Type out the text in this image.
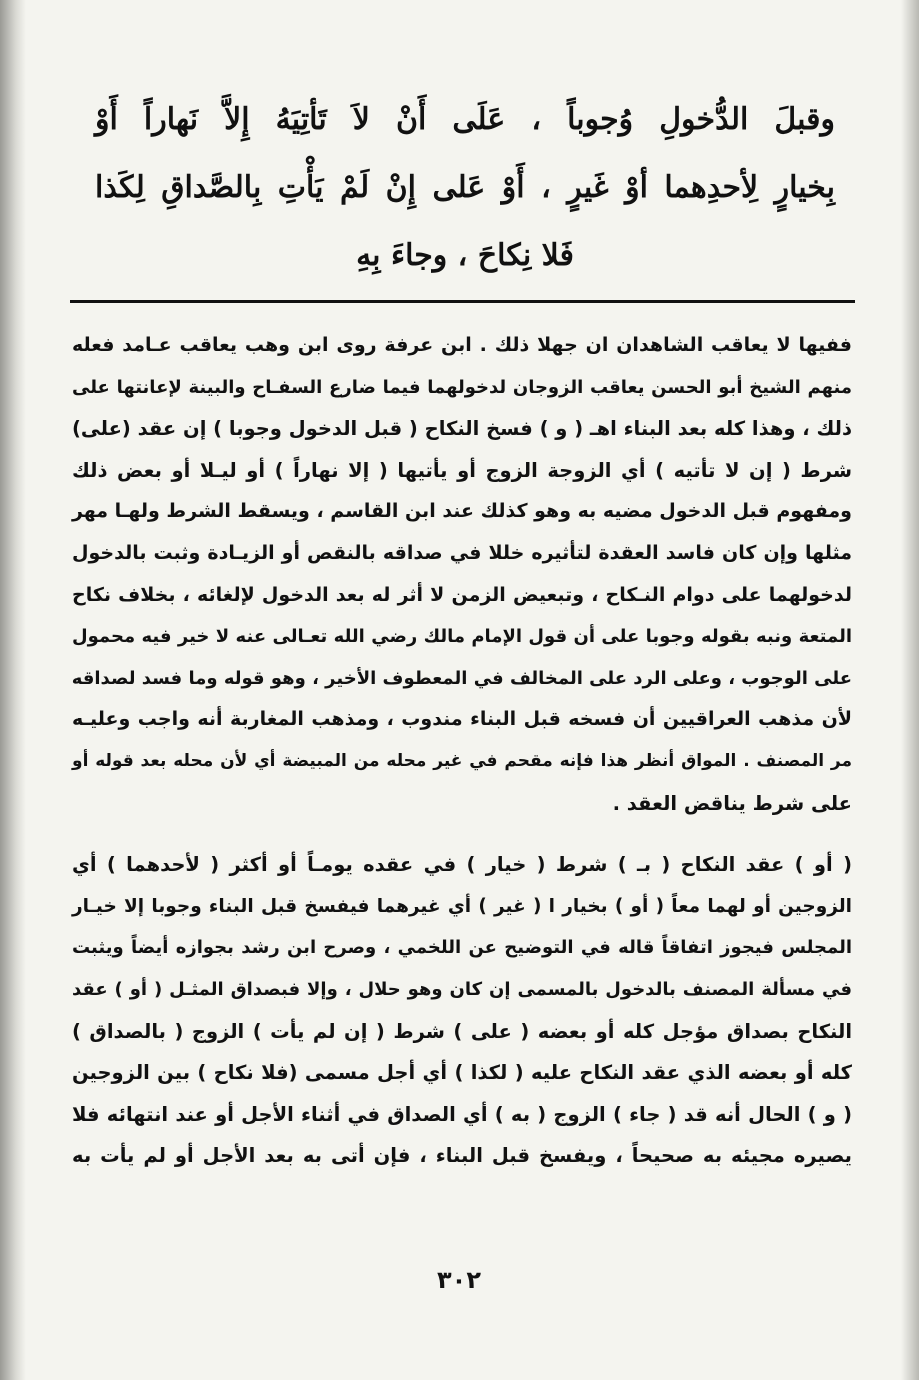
وقبلَ الدُّخولِ وُجوباً ، عَلَى أَنْ لاَ تَأتِيَهُ إِلاَّ نَهاراً أَوْ
بِخيارٍ لِأحدِهما أوْ غَيرٍ ، أَوْ عَلى إِنْ لَمْ يَأْتِ بِالصَّداقِ لِكَذا
فَلا نِكاحَ ، وجاءَ بِهِ
ففيها لا يعاقب الشاهدان ان جهلا ذلك . ابن عرفة روى ابن وهب يعاقب عـامد فعله
منهم الشيخ أبو الحسن يعاقب الزوجان لدخولهما فيما ضارع السفـاح والبينة لإعانتها على
ذلك ، وهذا كله بعد البناء اهـ ( و ) فسخ النكاح ( قبل الدخول وجوبا ) إن عقد (على)
شرط ( إن لا تأتيه ) أي الزوجة الزوج أو يأتيها ( إلا نهاراً ) أو ليـلا أو بعض ذلك
ومفهوم قبل الدخول مضيه به وهو كذلك عند ابن القاسم ، ويسقط الشرط ولهـا مهر
مثلها وإن كان فاسد العقدة لتأثيره خللا في صداقه بالنقص أو الزيـادة وثبت بالدخول
لدخولهما على دوام النـكاح ، وتبعيض الزمن لا أثر له بعد الدخول لإلغائه ، بخلاف نكاح
المتعة ونبه بقوله وجوبا على أن قول الإمام مالك رضي الله تعـالى عنه لا خير فيه محمول
على الوجوب ، وعلى الرد على المخالف في المعطوف الأخير ، وهو قوله وما فسد لصداقه
لأن مذهب العراقيين أن فسخه قبل البناء مندوب ، ومذهب المغاربة أنه واجب وعليـه
مر المصنف . المواق أنظر هذا فإنه مقحم في غير محله من المبيضة أي لأن محله بعد قوله أو
على شرط يناقض العقد .
( أو ) عقد النكاح ( بـ ) شرط ( خيار ) في عقده يومـاً أو أكثر ( لأحدهما ) أي
الزوجين أو لهما معاً ( أو ) بخيار ا ( غير ) أي غيرهما فيفسخ قبل البناء وجوبا إلا خيـار
المجلس فيجوز اتفاقاً قاله في التوضيح عن اللخمي ، وصرح ابن رشد بجوازه أيضاً ويثبت
في مسألة المصنف بالدخول بالمسمى إن كان وهو حلال ، وإلا فبصداق المثـل ( أو ) عقد
النكاح بصداق مؤجل كله أو بعضه ( على ) شرط ( إن لم يأت ) الزوج ( بالصداق )
كله أو بعضه الذي عقد النكاح عليه ( لكذا ) أي أجل مسمى (فلا نكاح ) بين الزوجين
( و ) الحال أنه قد ( جاء ) الزوج ( به ) أي الصداق في أثناء الأجل أو عند انتهائه فلا
يصيره مجيئه به صحيحاً ، ويفسخ قبل البناء ، فإن أتى به بعد الأجل أو لم يأت به
٣٠٢
